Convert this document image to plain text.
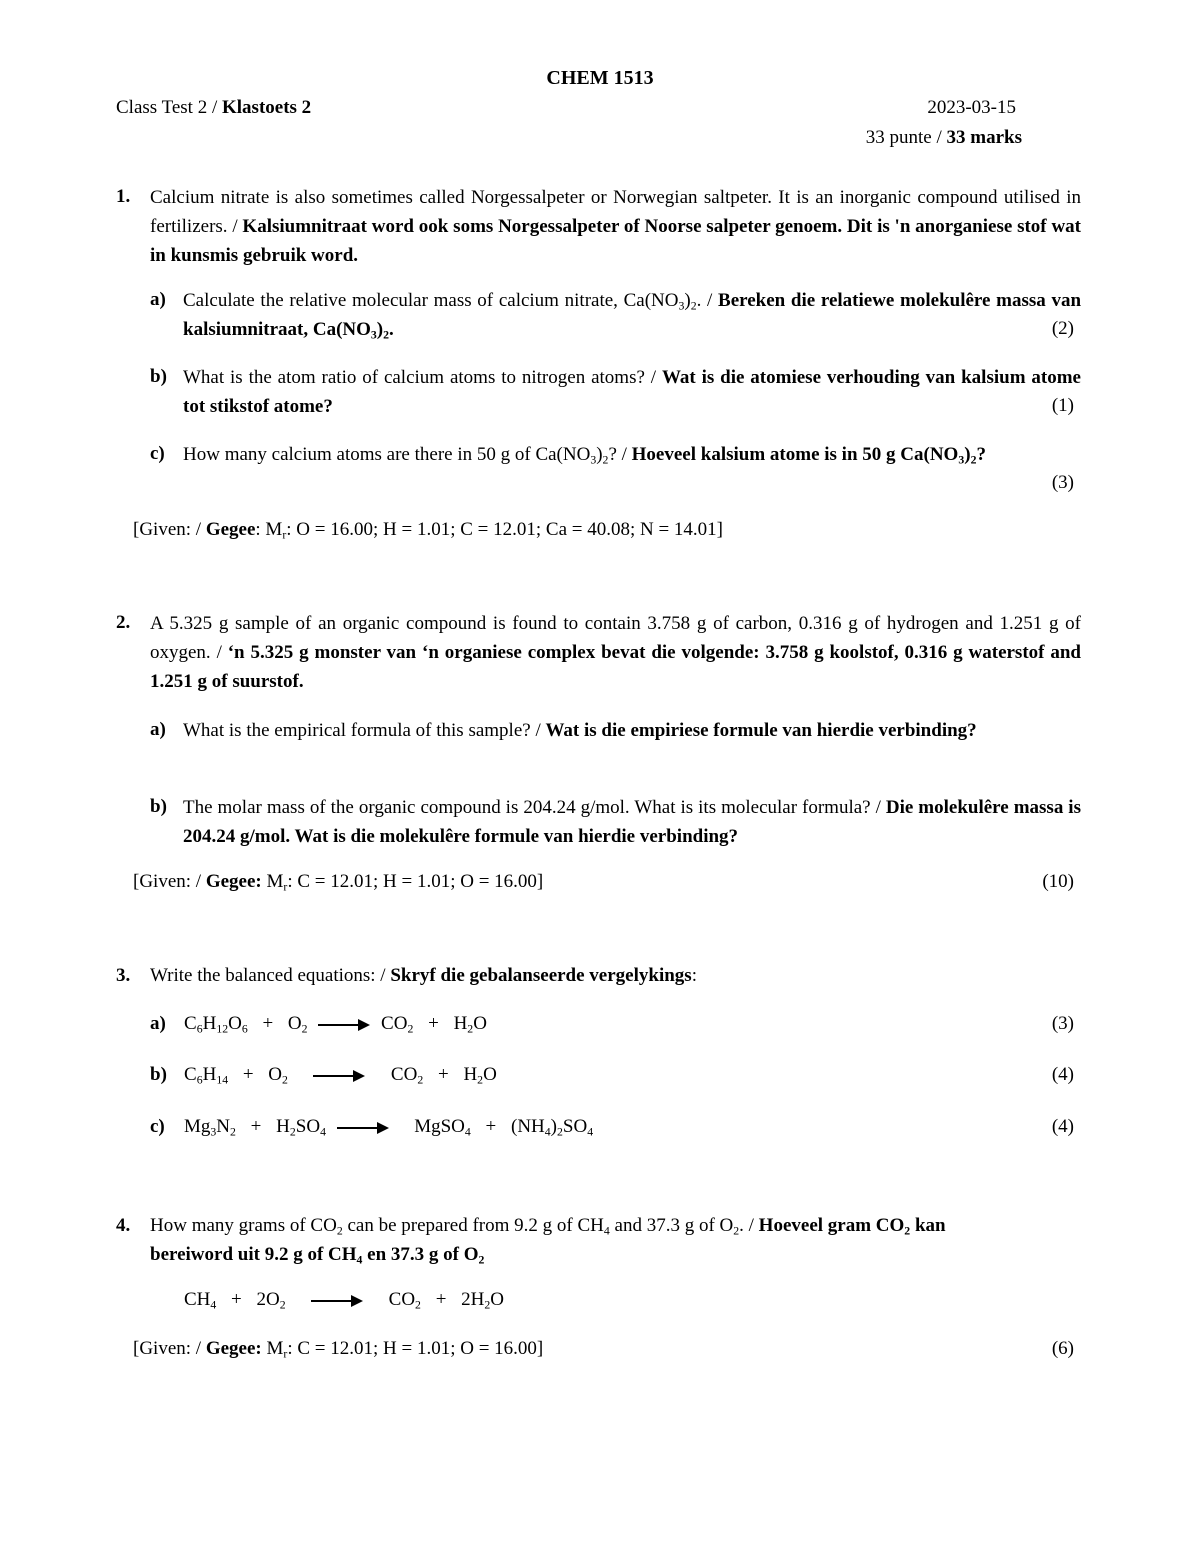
CHEM 1513
Class Test 2 / Klastoets 2	2023-03-15
33 punte / 33 marks
1. Calcium nitrate is also sometimes called Norgessalpeter or Norwegian saltpeter. It is an inorganic compound utilised in fertilizers. / Kalsiumnitraat word ook soms Norgessalpeter of Noorse salpeter genoem. Dit is 'n anorganiese stof wat in kunsmis gebruik word.
a) Calculate the relative molecular mass of calcium nitrate, $Ca(NO_3)_2$. / Bereken die relatiewe molekulêre massa van kalsiumnitraat, $Ca(NO_3)_2$.	(2)
b) What is the atom ratio of calcium atoms to nitrogen atoms? / Wat is die atomiese verhouding van kalsium atome tot stikstof atome?	(1)
c) How many calcium atoms are there in 50 g of $Ca(NO_3)_2$? / Hoeveel kalsium atome is in 50 g $Ca(NO_3)_2$?
(3)
[Given: / Gegee: $M_r$: O = 16.00; H = 1.01; C = 12.01; Ca = 40.08; N = 14.01]
2. A 5.325 g sample of an organic compound is found to contain 3.758 g of carbon, 0.316 g of hydrogen and 1.251 g of oxygen. / ‘n 5.325 g monster van ‘n organiese complex bevat die volgende: 3.758 g koolstof, 0.316 g waterstof and 1.251 g of suurstof.
a) What is the empirical formula of this sample? / Wat is die empiriese formule van hierdie verbinding?
b) The molar mass of the organic compound is 204.24 g/mol. What is its molecular formula? / Die molekulêre massa is 204.24 g/mol. Wat is die molekulêre formule van hierdie verbinding?
[Given: / Gegee: $M_r$: C = 12.01; H = 1.01; O = 16.00]	(10)
3. Write the balanced equations: / Skryf die gebalanseerde vergelykings:
a) $C_6H_{12}O_6 + O_2 \to CO_2 + H_2O$	(3)
b) $C_6H_{14} + O_2 \to CO_2 + H_2O$	(4)
c) $Mg_3N_2 + H_2SO_4$ → MgSO$_4$ + $(NH_4)_2SO_4$	(4)
4. How many grams of $CO_2$ can be prepared from 9.2 g of $CH_4$ and 37.3 g of $O_2$. / Hoeveel gram $CO_2$ kan
bereiword uit 9.2 g of $CH_4$ en 37.3 g of $O_2$
$CH_4 + 2O_2 \to CO_2 + 2H_2O$
[Given: / Gegee: $M_r$: C = 12.01; H = 1.01; O = 16.00]	(6)
